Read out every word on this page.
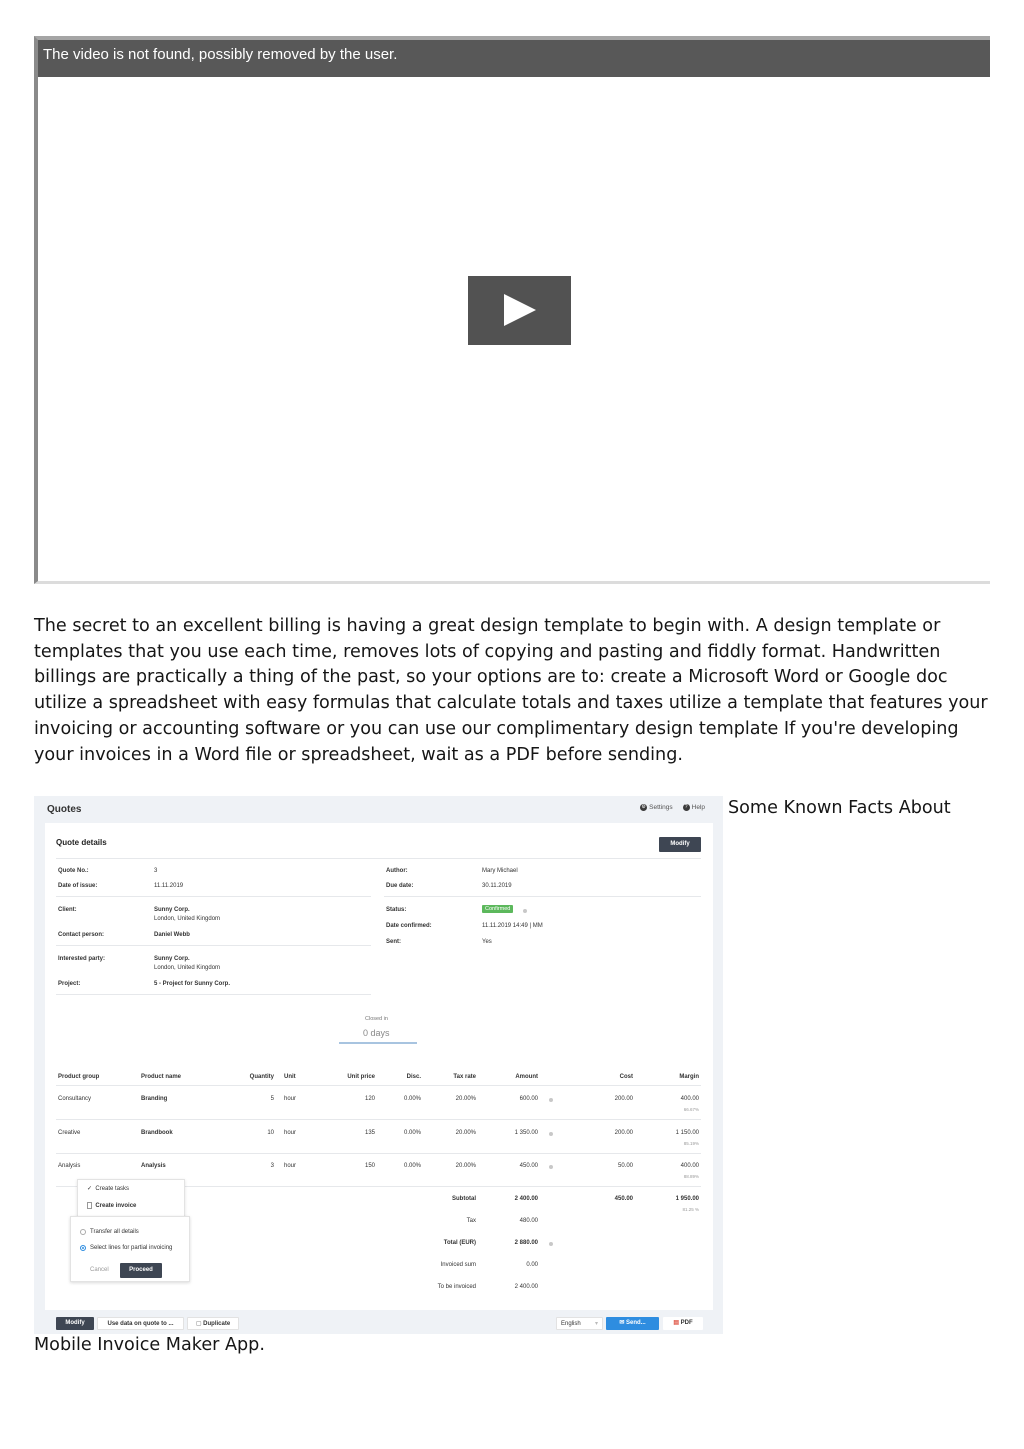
The video is not found, possibly removed by the user.

The secret to an excellent billing is having a great design template to begin with. A design template or templates that you use each time, removes lots of copying and pasting and fiddly format. Handwritten billings are practically a thing of the past, so your options are to: create a Microsoft Word or Google doc utilize a spreadsheet with easy formulas that calculate totals and taxes utilize a template that features your invoicing or accounting software or you can use our complimentary design template If you're developing your invoices in a Word file or spreadsheet, wait as a PDF before sending.

Quotes	⚙ Settings	? Help
Quote details	Modify
Quote No.:	3
Date of issue:	11.11.2019
Client:	Sunny Corp.
London, United Kingdom
Contact person:	Daniel Webb
Interested party:	Sunny Corp.
London, United Kingdom
Project:	5 - Project for Sunny Corp.
Author:	Mary Michael
Due date:	30.11.2019
Status:	Confirmed
Date confirmed:	11.11.2019 14:49 | MM
Sent:	Yes
Closed in
0 days
Product group	Product name	Quantity Unit	Unit price	Disc.	Tax rate	Amount	Cost	Margin
Consultancy	Branding	5 hour	120	0.00%	20.00%	600.00	200.00	400.00
66.67%
Creative	Brandbook	10 hour	135	0.00%	20.00%	1 350.00	200.00	1 150.00
85.19%
Analysis	Analysis	3 hour	150	0.00%	20.00%	450.00	50.00	400.00
88.89%
Subtotal	2 400.00	450.00	1 950.00
81.25 %
Tax	480.00
Total (EUR)	2 880.00
Invoiced sum	0.00
To be invoiced	2 400.00
✓ Create tasks
Create invoice
Transfer all details
Select lines for partial invoicing
Cancel	Proceed
Modify	Use data on quote to ...	▢ Duplicate	English ▾	✉ Send...	▤ PDF

Some Known Facts About

Mobile Invoice Maker App.
